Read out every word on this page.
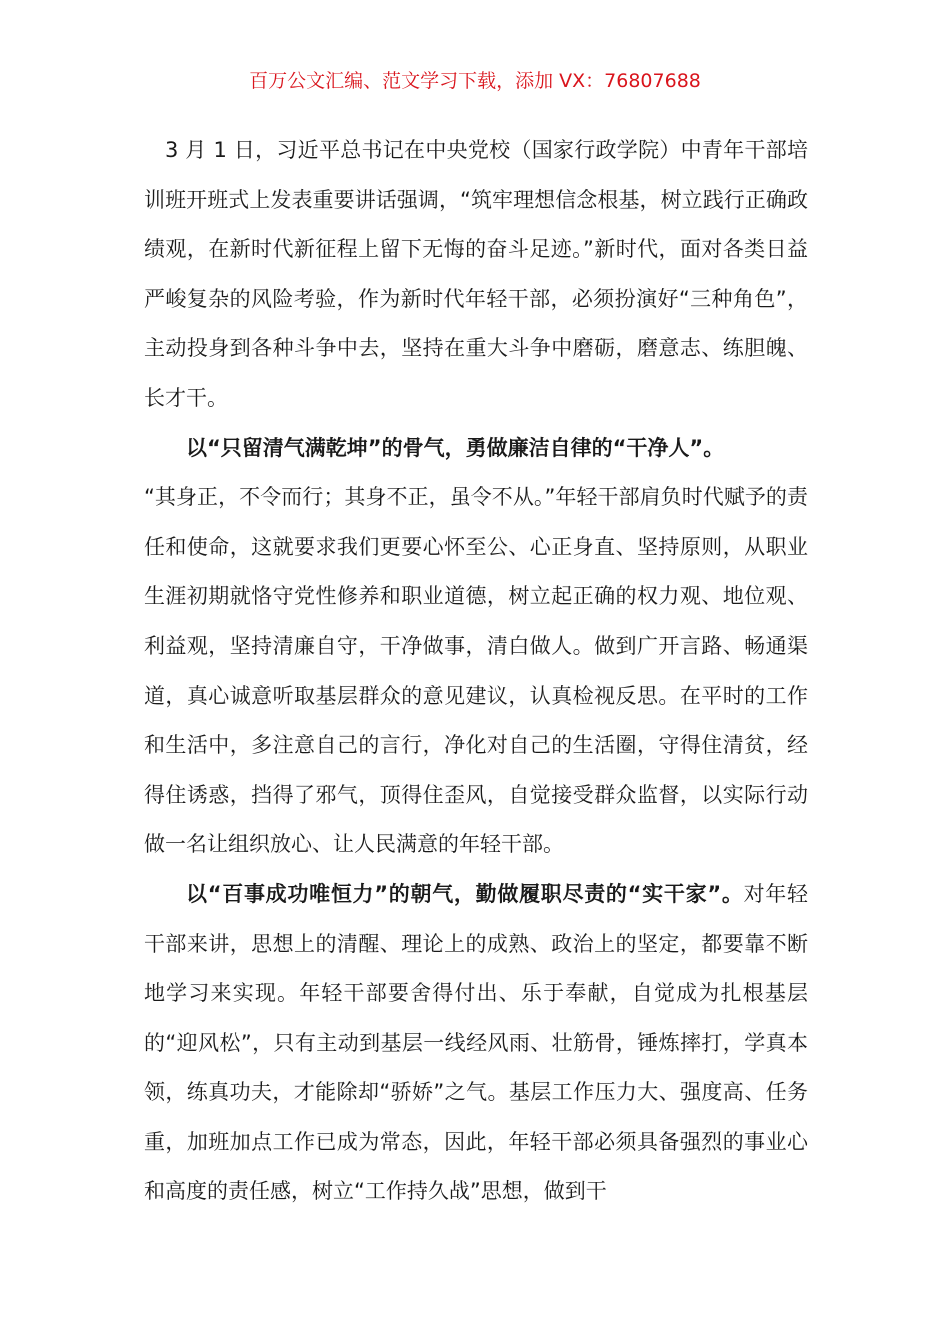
百万公文汇编、范文学习下载，添加 VX：76807688

3 月 1 日，习近平总书记在中央党校（国家行政学院）中青年干部培训班开班式上发表重要讲话强调，“筑牢理想信念根基，树立践行正确政绩观，在新时代新征程上留下无悔的奋斗足迹。”新时代，面对各类日益严峻复杂的风险考验，作为新时代年轻干部，必须扮演好“三种角色”，主动投身到各种斗争中去，坚持在重大斗争中磨砺，磨意志、练胆魄、长才干。

以“只留清气满乾坤”的骨气，勇做廉洁自律的“干净人”。

“其身正，不令而行；其身不正，虽令不从。”年轻干部肩负时代赋予的责任和使命，这就要求我们更要心怀至公、心正身直、坚持原则，从职业生涯初期就恪守党性修养和职业道德，树立起正确的权力观、地位观、利益观，坚持清廉自守，干净做事，清白做人。做到广开言路、畅通渠道，真心诚意听取基层群众的意见建议，认真检视反思。在平时的工作和生活中，多注意自己的言行，净化对自己的生活圈，守得住清贫，经得住诱惑，挡得了邪气，顶得住歪风，自觉接受群众监督，以实际行动做一名让组织放心、让人民满意的年轻干部。

以“百事成功唯恒力”的朝气，勤做履职尽责的“实干家”。对年轻干部来讲，思想上的清醒、理论上的成熟、政治上的坚定，都要靠不断地学习来实现。年轻干部要舍得付出、乐于奉献，自觉成为扎根基层的“迎风松”，只有主动到基层一线经风雨、壮筋骨，锤炼摔打，学真本领，练真功夫，才能除却“骄娇”之气。基层工作压力大、强度高、任务重，加班加点工作已成为常态，因此，年轻干部必须具备强烈的事业心和高度的责任感，树立“工作持久战”思想，做到干
